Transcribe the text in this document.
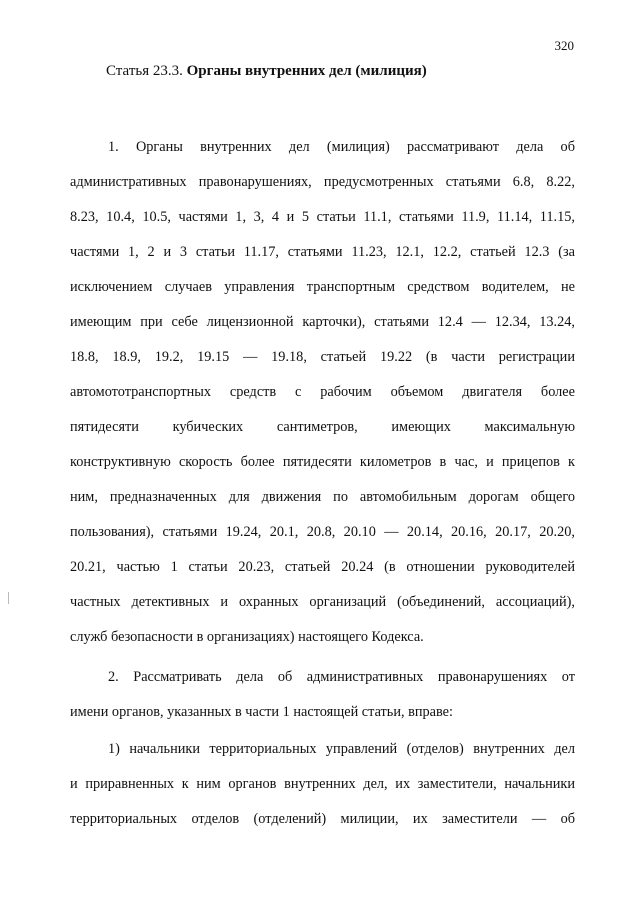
320
Статья 23.3. Органы внутренних дел (милиция)
1. Органы внутренних дел (милиция) рассматривают дела об
административных правонарушениях, предусмотренных статьями 6.8, 8.22,
8.23, 10.4, 10.5, частями 1, 3, 4 и 5 статьи 11.1, статьями 11.9, 11.14, 11.15,
частями 1, 2 и 3 статьи 11.17, статьями 11.23, 12.1, 12.2, статьей 12.3 (за
исключением случаев управления транспортным средством водителем, не
имеющим при себе лицензионной карточки), статьями 12.4 — 12.34, 13.24,
18.8, 18.9, 19.2, 19.15 — 19.18, статьей 19.22 (в части регистрации
автомототранспортных средств с рабочим объемом двигателя более
пятидесяти кубических сантиметров, имеющих максимальную
конструктивную скорость более пятидесяти километров в час, и прицепов к
ним, предназначенных для движения по автомобильным дорогам общего
пользования), статьями 19.24, 20.1, 20.8, 20.10 — 20.14, 20.16, 20.17, 20.20,
20.21, частью 1 статьи 20.23, статьей 20.24 (в отношении руководителей
частных детективных и охранных организаций (объединений, ассоциаций),
служб безопасности в организациях) настоящего Кодекса.
2. Рассматривать дела об административных правонарушениях от
имени органов, указанных в части 1 настоящей статьи, вправе:
1) начальники территориальных управлений (отделов) внутренних дел
и приравненных к ним органов внутренних дел, их заместители, начальники
территориальных отделов (отделений) милиции, их заместители — об
